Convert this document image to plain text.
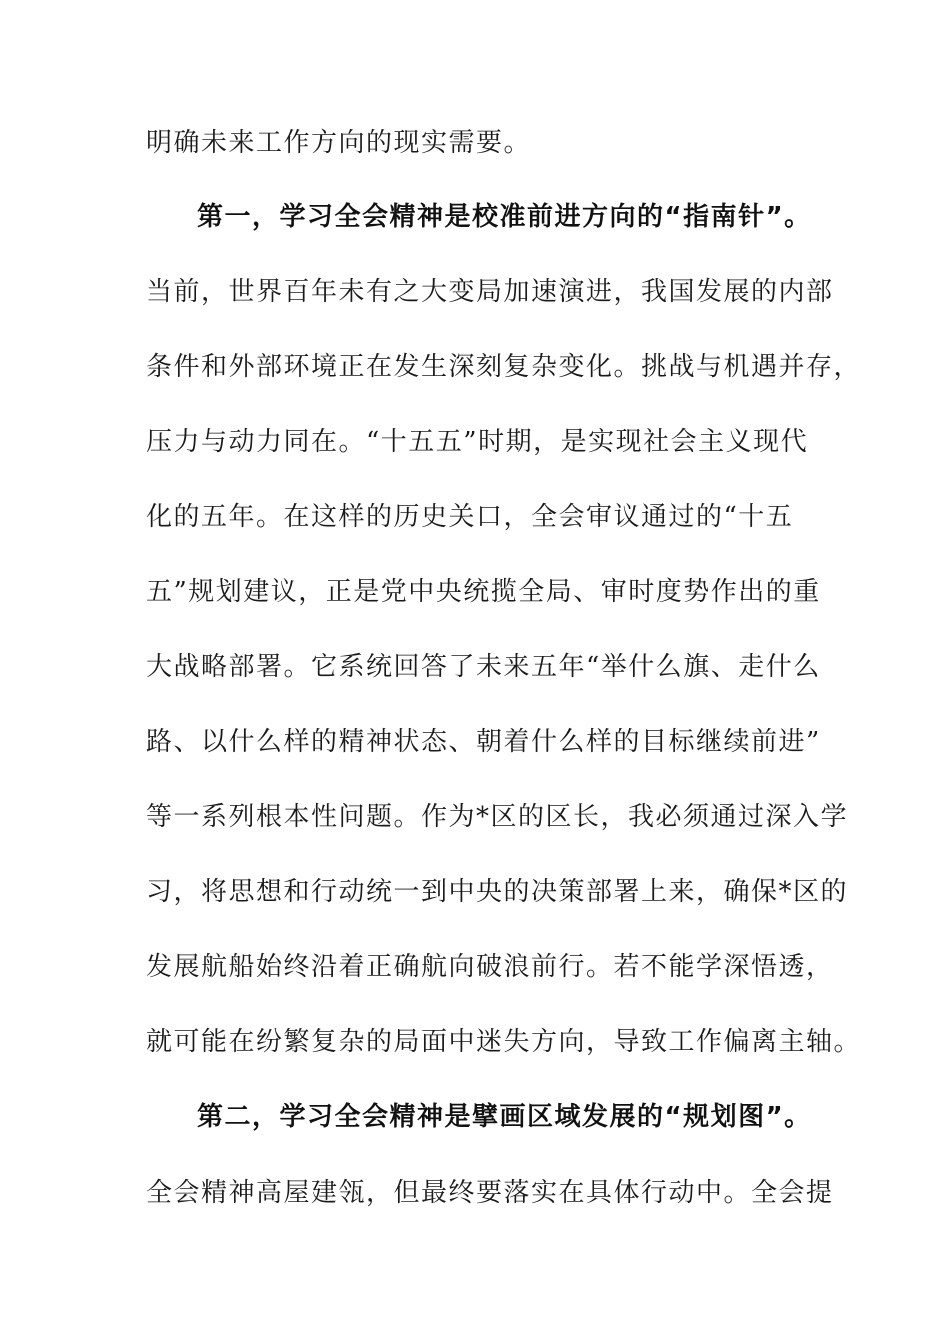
明确未来工作方向的现实需要。
第一，学习全会精神是校准前进方向的“指南针”。
当前，世界百年未有之大变局加速演进，我国发展的内部
条件和外部环境正在发生深刻复杂变化。挑战与机遇并存，
压力与动力同在。“十五五”时期，是实现社会主义现代
化的五年。在这样的历史关口，全会审议通过的“十五
五”规划建议，正是党中央统揽全局、审时度势作出的重
大战略部署。它系统回答了未来五年“举什么旗、走什么
路、以什么样的精神状态、朝着什么样的目标继续前进”
等一系列根本性问题。作为*区的区长，我必须通过深入学
习，将思想和行动统一到中央的决策部署上来，确保*区的
发展航船始终沿着正确航向破浪前行。若不能学深悟透，
就可能在纷繁复杂的局面中迷失方向，导致工作偏离主轴。
第二，学习全会精神是擘画区域发展的“规划图”。
全会精神高屋建瓴，但最终要落实在具体行动中。全会提
